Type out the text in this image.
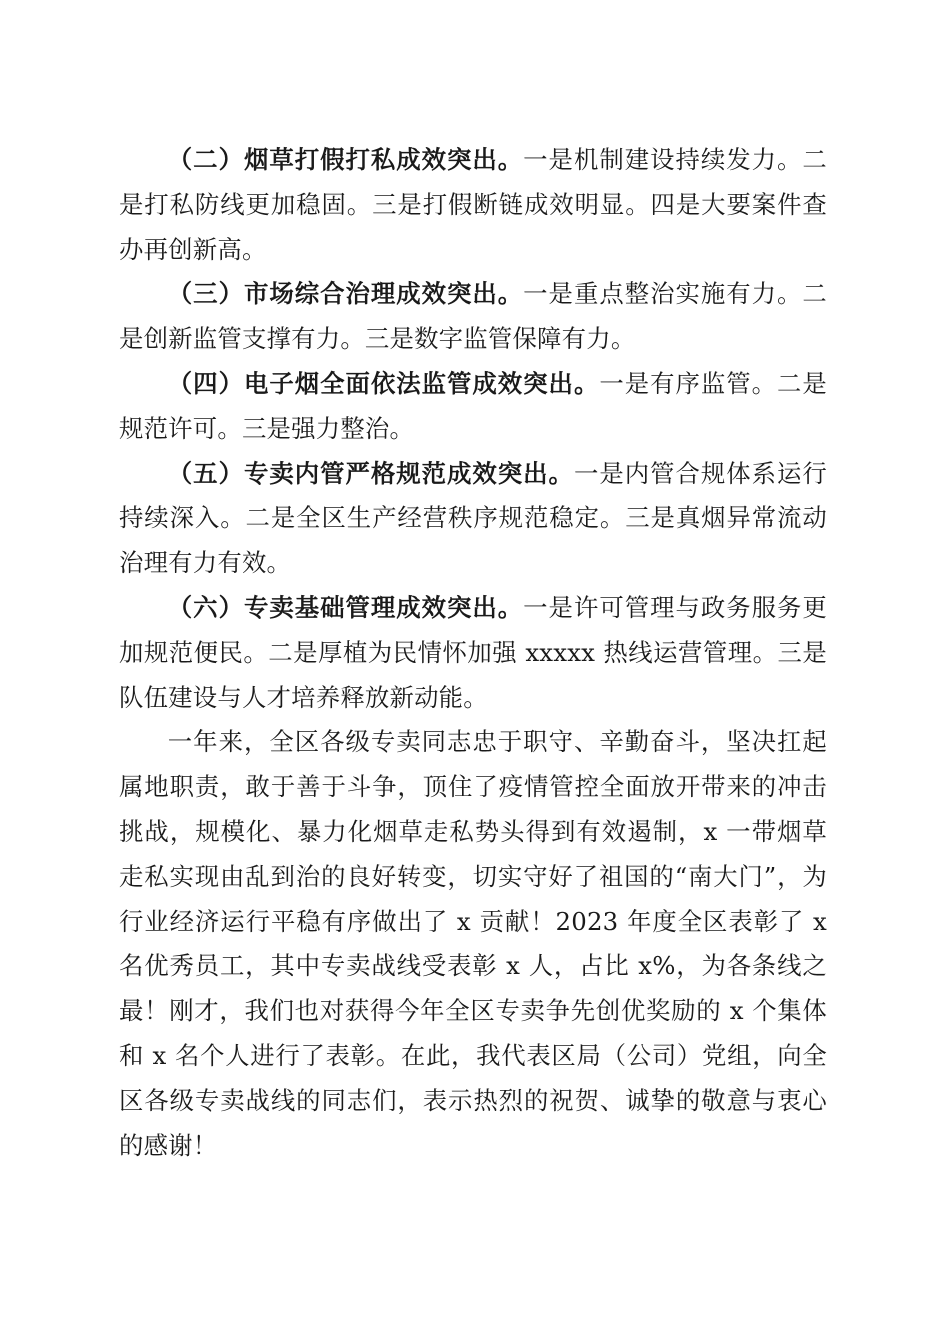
（二）烟草打假打私成效突出。一是机制建设持续发力。二是打私防线更加稳固。三是打假断链成效明显。四是大要案件查办再创新高。

（三）市场综合治理成效突出。一是重点整治实施有力。二是创新监管支撑有力。三是数字监管保障有力。

（四）电子烟全面依法监管成效突出。一是有序监管。二是规范许可。三是强力整治。

（五）专卖内管严格规范成效突出。一是内管合规体系运行持续深入。二是全区生产经营秩序规范稳定。三是真烟异常流动治理有力有效。

（六）专卖基础管理成效突出。一是许可管理与政务服务更加规范便民。二是厚植为民情怀加强 xxxxx 热线运营管理。三是队伍建设与人才培养释放新动能。

一年来，全区各级专卖同志忠于职守、辛勤奋斗，坚决扛起属地职责，敢于善于斗争，顶住了疫情管控全面放开带来的冲击挑战，规模化、暴力化烟草走私势头得到有效遏制，x 一带烟草走私实现由乱到治的良好转变，切实守好了祖国的“南大门”，为行业经济运行平稳有序做出了 x 贡献！2023 年度全区表彰了 x 名优秀员工，其中专卖战线受表彰 x 人，占比 x%，为各条线之最！刚才，我们也对获得今年全区专卖争先创优奖励的 x 个集体和 x 名个人进行了表彰。在此，我代表区局（公司）党组，向全区各级专卖战线的同志们，表示热烈的祝贺、诚挚的敬意与衷心的感谢！
